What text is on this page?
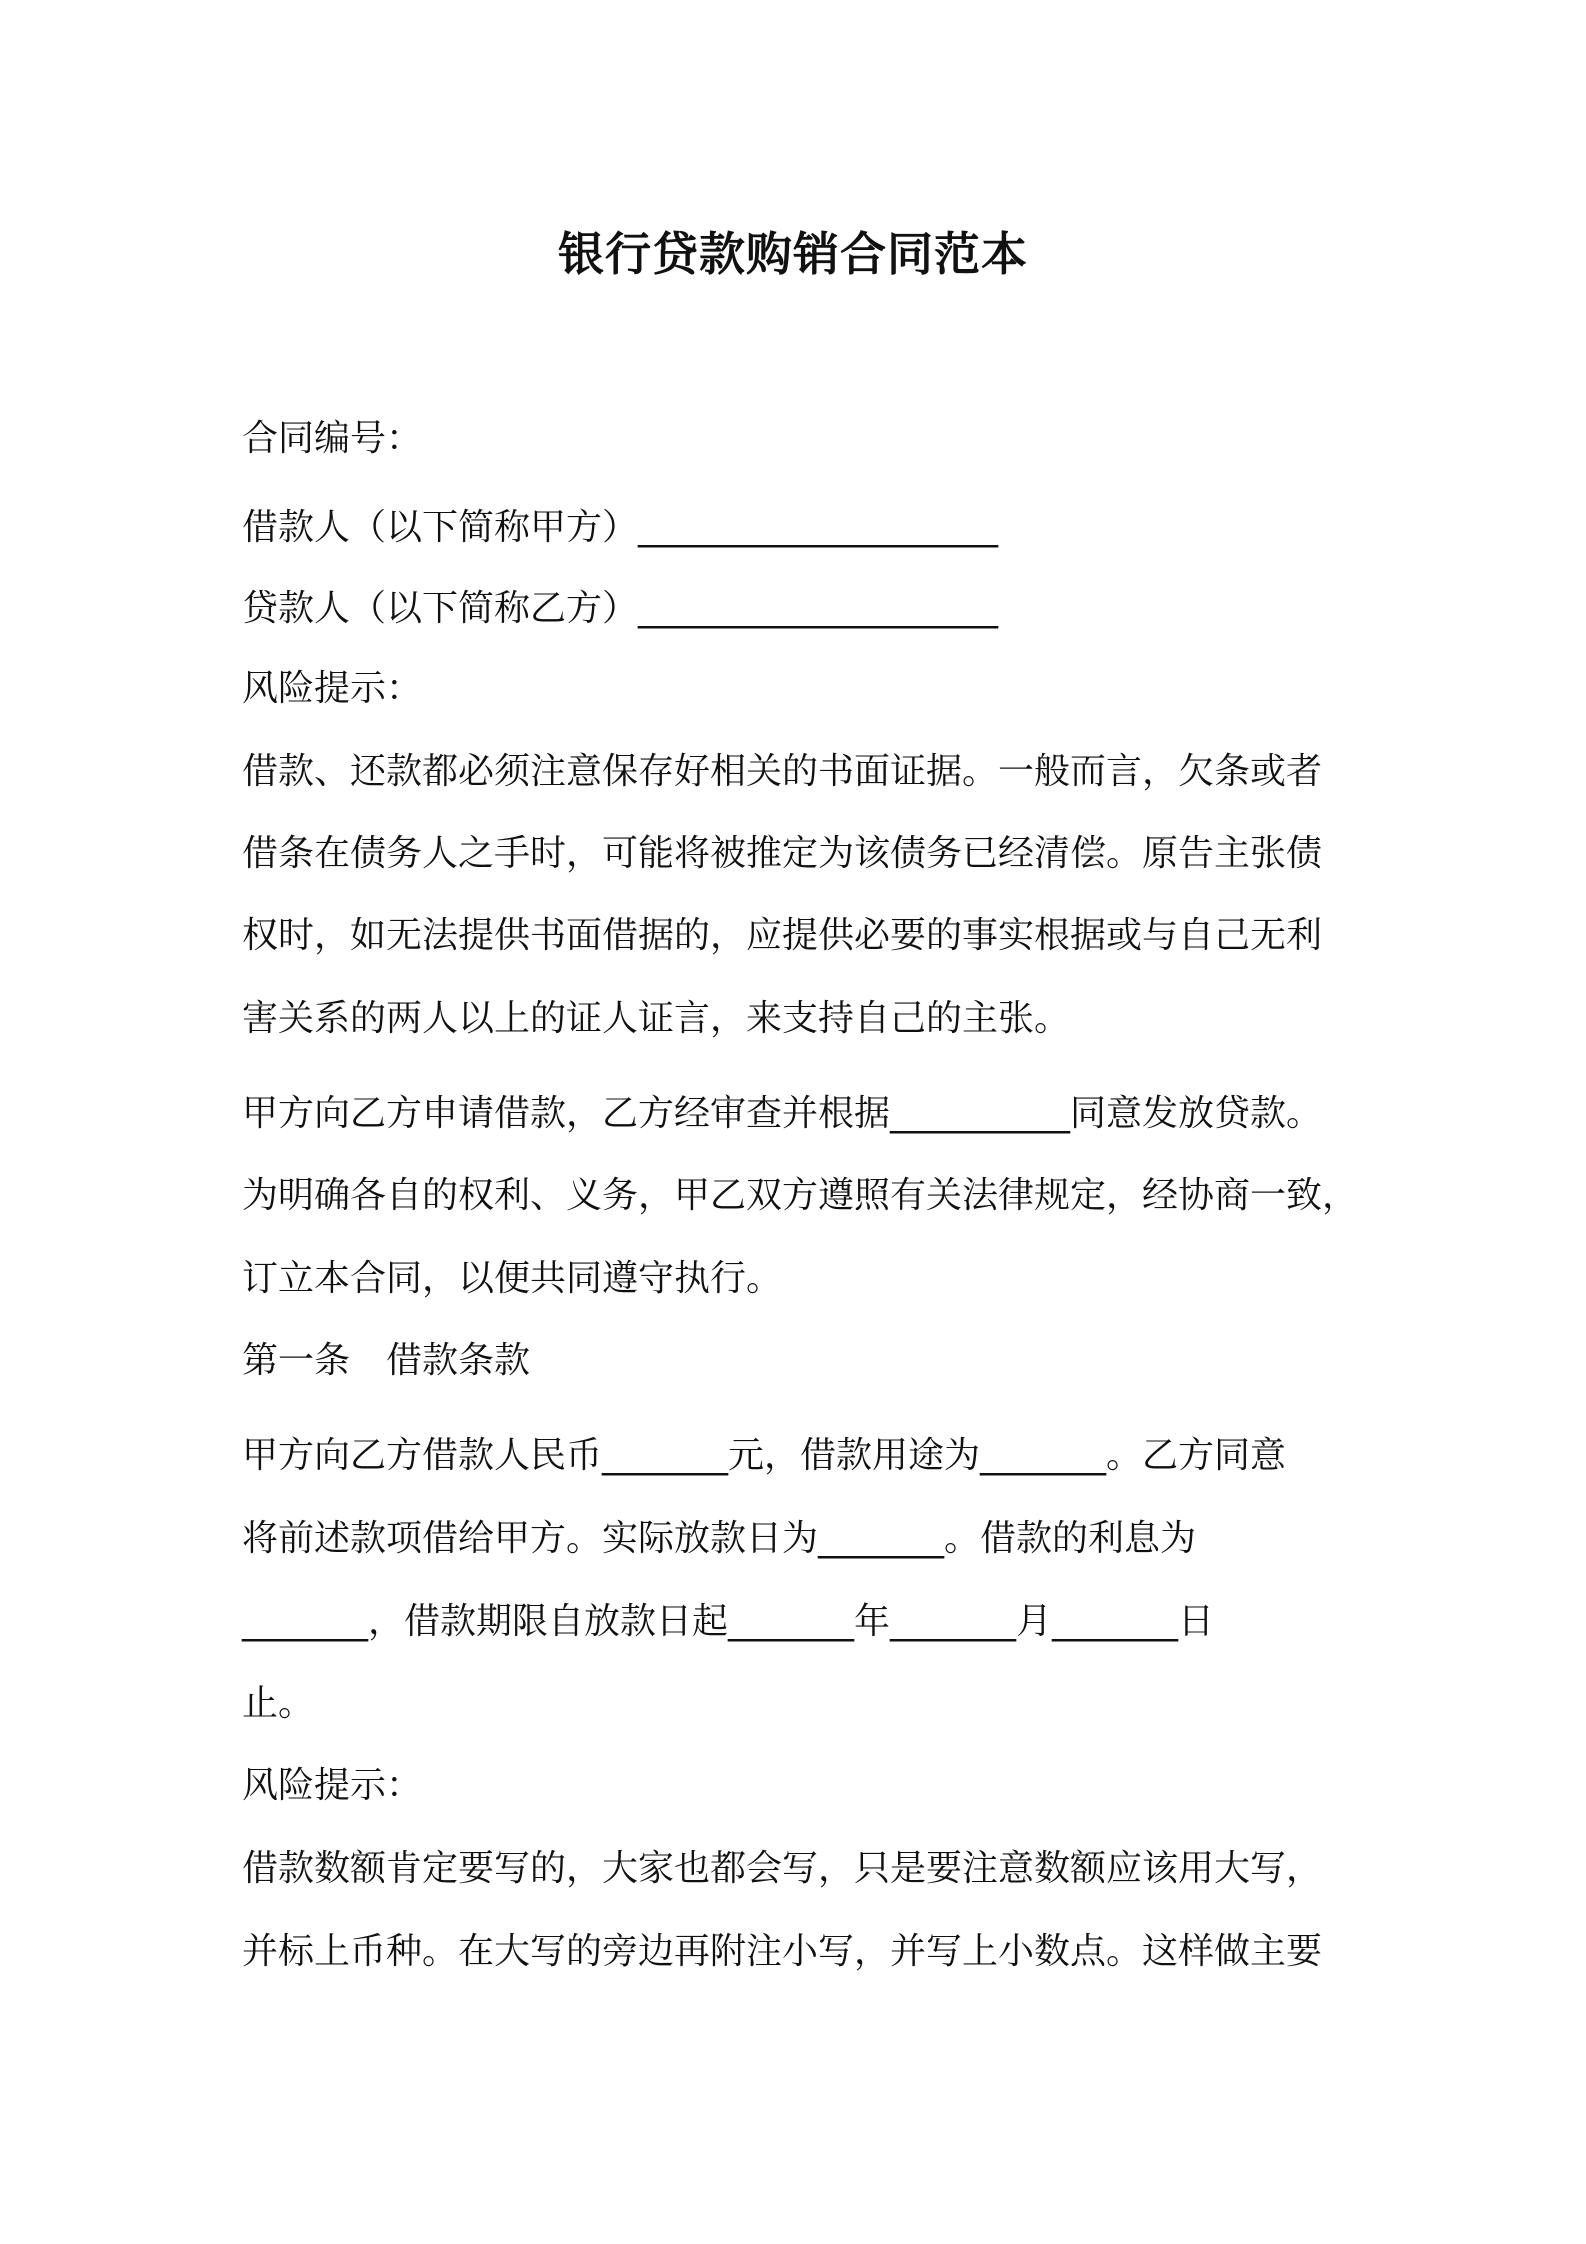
银行贷款购销合同范本
合同编号：
借款人（以下简称甲方）____________________
贷款人（以下简称乙方）____________________
风险提示：
借款、还款都必须注意保存好相关的书面证据。一般而言，欠条或者
借条在债务人之手时，可能将被推定为该债务已经清偿。原告主张债
权时，如无法提供书面借据的，应提供必要的事实根据或与自己无利
害关系的两人以上的证人证言，来支持自己的主张。
甲方向乙方申请借款，乙方经审查并根据__________同意发放贷款。
为明确各自的权利、义务，甲乙双方遵照有关法律规定，经协商一致，
订立本合同，以便共同遵守执行。
第一条　借款条款
甲方向乙方借款人民币_______元，借款用途为_______。乙方同意
将前述款项借给甲方。实际放款日为_______。借款的利息为
_______，借款期限自放款日起_______年_______月_______日
止。
风险提示：
借款数额肯定要写的，大家也都会写，只是要注意数额应该用大写，
并标上币种。在大写的旁边再附注小写，并写上小数点。这样做主要
